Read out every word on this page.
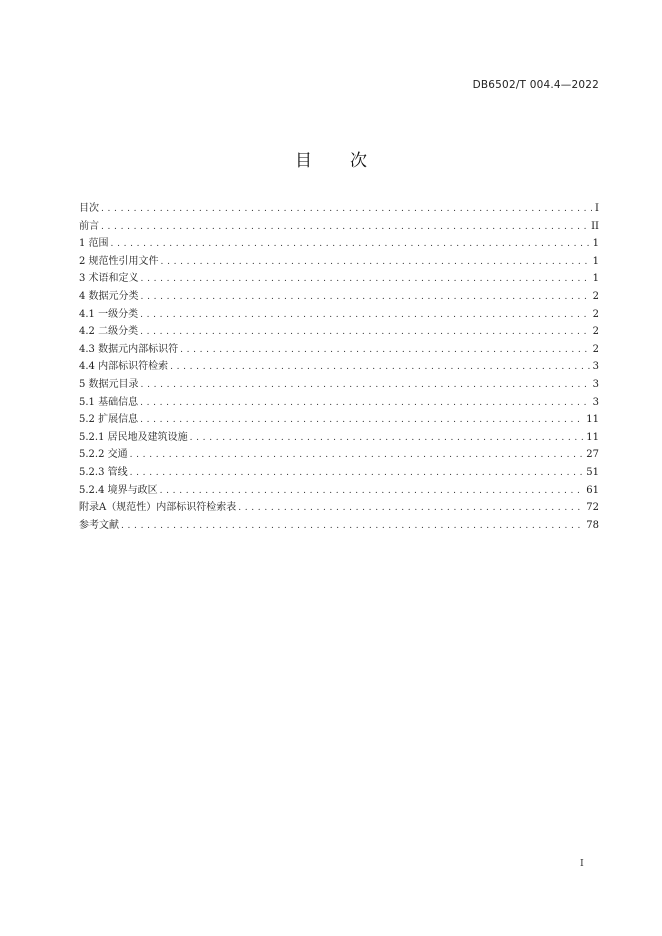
DB6502/T 004.4—2022
目次
目次 . . .	I
前言 . . .	II
1 范围 . . .	1
2 规范性引用文件 . . .	1
3 术语和定义 . . .	1
4 数据元分类 . . .	2
4.1 一级分类 . . .	2
4.2 二级分类 . . .	2
4.3 数据元内部标识符 . . .	2
4.4 内部标识符检索 . . .	3
5 数据元目录 . . .	3
5.1 基础信息 . . .	3
5.2 扩展信息 . . .	11
5.2.1 居民地及建筑设施 . . .	11
5.2.2 交通 . . .	27
5.2.3 管线 . . .	51
5.2.4 境界与政区 . . .	61
附录A（规范性）内部标识符检索表 . . .	72
参考文献 . . .	78
I
